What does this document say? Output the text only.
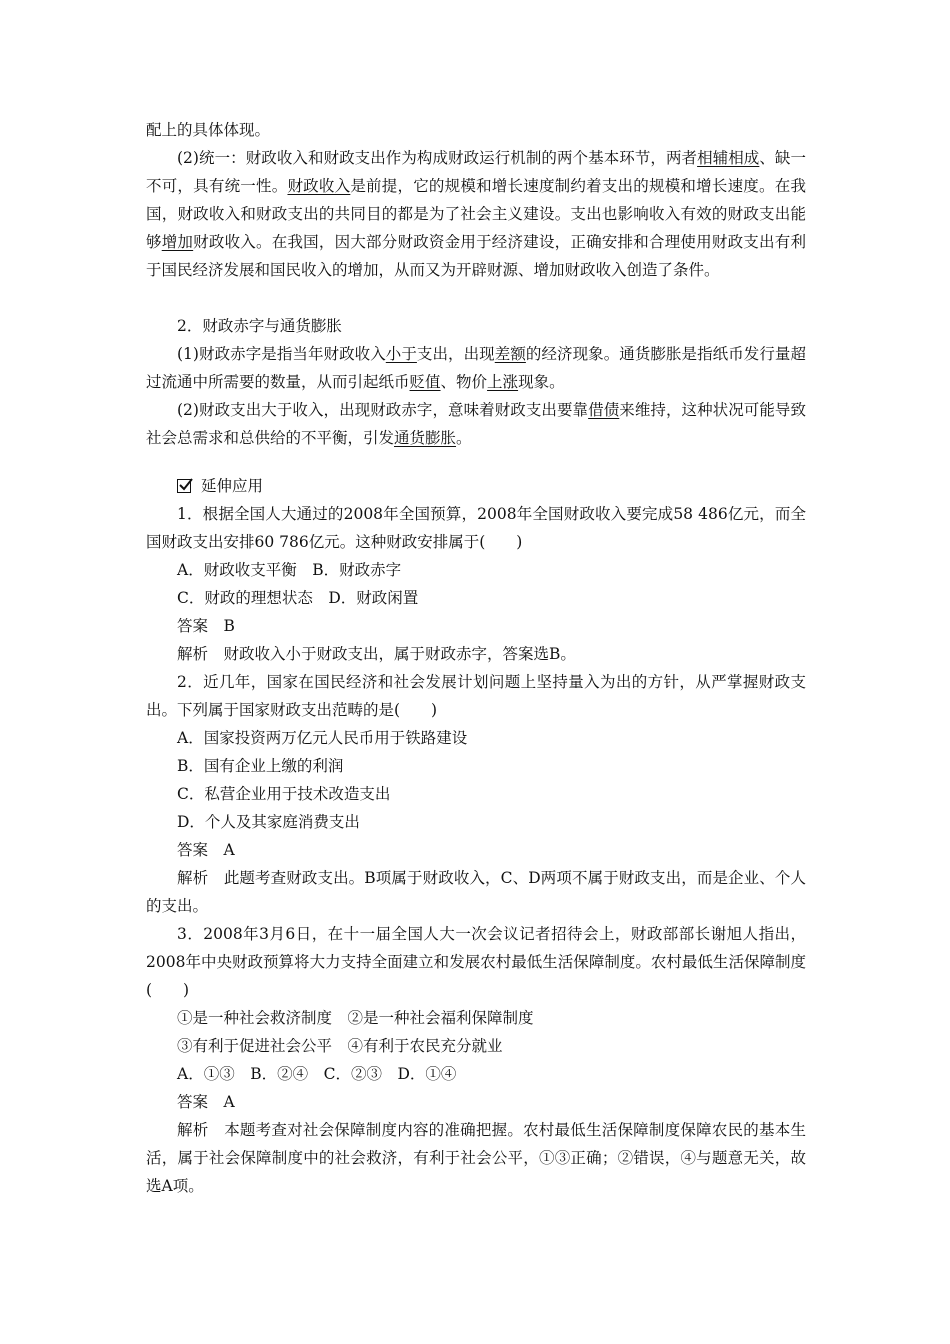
配上的具体体现。

(2)统一：财政收入和财政支出作为构成财政运行机制的两个基本环节，两者相辅相成、缺一不可，具有统一性。财政收入是前提，它的规模和增长速度制约着支出的规模和增长速度。在我国，财政收入和财政支出的共同目的都是为了社会主义建设。支出也影响收入有效的财政支出能够增加财政收入。在我国，因大部分财政资金用于经济建设，正确安排和合理使用财政支出有利于国民经济发展和国民收入的增加，从而又为开辟财源、增加财政收入创造了条件。

2．财政赤字与通货膨胀

(1)财政赤字是指当年财政收入小于支出，出现差额的经济现象。通货膨胀是指纸币发行量超过流通中所需要的数量，从而引起纸币贬值、物价上涨现象。

(2)财政支出大于收入，出现财政赤字，意味着财政支出要靠借债来维持，这种状况可能导致社会总需求和总供给的不平衡，引发通货膨胀。

延伸应用

1．根据全国人大通过的2008年全国预算，2008年全国财政收入要完成58 486亿元，而全国财政支出安排60 786亿元。这种财政安排属于(　　)

A．财政收支平衡　B．财政赤字

C．财政的理想状态　D．财政闲置

答案　B

解析　财政收入小于财政支出，属于财政赤字，答案选B。

2．近几年，国家在国民经济和社会发展计划问题上坚持量入为出的方针，从严掌握财政支出。下列属于国家财政支出范畴的是(　　)

A．国家投资两万亿元人民币用于铁路建设

B．国有企业上缴的利润

C．私营企业用于技术改造支出

D．个人及其家庭消费支出

答案　A

解析　此题考查财政支出。B项属于财政收入，C、D两项不属于财政支出，而是企业、个人的支出。

3．2008年3月6日，在十一届全国人大一次会议记者招待会上，财政部部长谢旭人指出，2008年中央财政预算将大力支持全面建立和发展农村最低生活保障制度。农村最低生活保障制度(　　)

①是一种社会救济制度　②是一种社会福利保障制度

③有利于促进社会公平　④有利于农民充分就业

A．①③　B．②④　C．②③　D．①④

答案　A

解析　本题考查对社会保障制度内容的准确把握。农村最低生活保障制度保障农民的基本生活，属于社会保障制度中的社会救济，有利于社会公平，①③正确；②错误，④与题意无关，故选A项。
